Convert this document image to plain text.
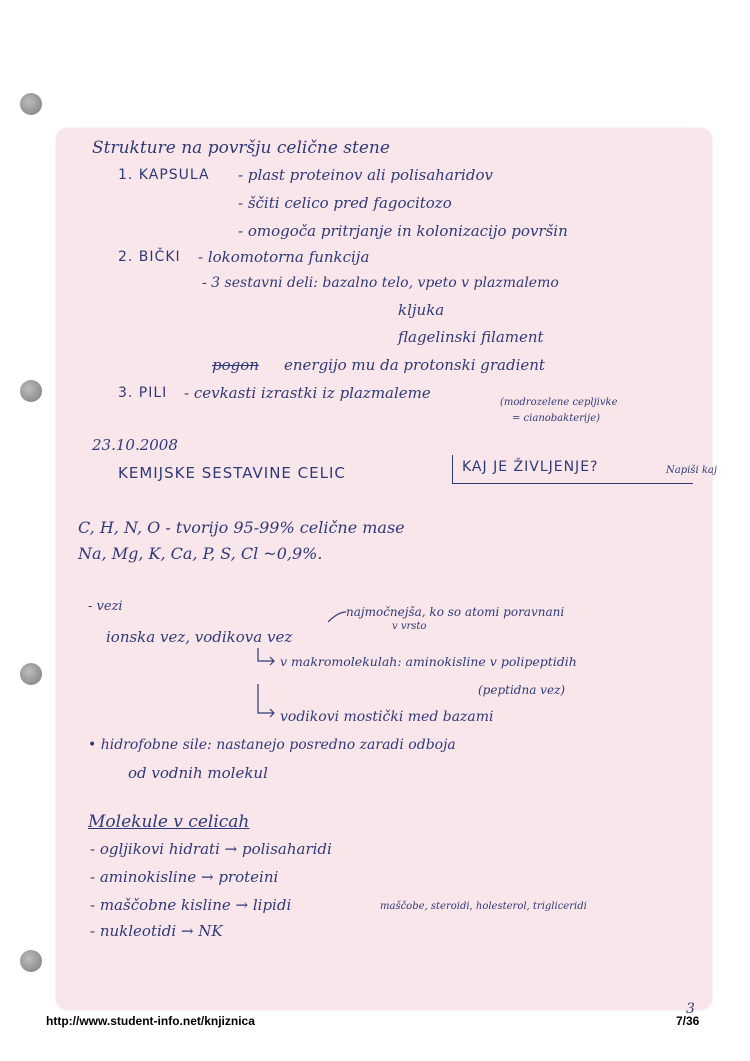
Strukture na površju celične stene
1. KAPSULA - plast proteinov ali polisaharidov
- ščiti celico pred fagocitozo
- omogoča pritrjanje in kolonizacijo površin
2. BIČKI - lokomotorna funkcija
- 3 sestavni deli: bazalno telo, vpeto v plazmalemo
kljuka
flagelinski filament
pogon energijo mu da protonski gradient
3. PILI - cevkasti izrastki iz plazmaleme
(modrozelene cepljivke
= cianobakterije)
23.10.2008
KEMIJSKE SESTAVINE CELIC	KAJ JE ŽIVLJENJE?	Napiši kaj
C, H, N, O - tvorijo 95-99% celične mase
Na, Mg, K, Ca, P, S, Cl ~0,9%.
- vezi	najmočnejša, ko so atomi poravnani
v vrsto
ionska vez, vodikova vez
v makromolekulah: aminokisline v polipeptidih
(peptidna vez)
vodikovi mostički med bazami
• hidrofobne sile: nastanejo posredno zaradi odboja
od vodnih molekul
Molekule v celicah
- ogljikovi hidrati → polisaharidi
- aminokisline → proteini
- maščobne kisline → lipidi	maščobe, steroidi, holesterol, trigliceridi
- nukleotidi → NK
3
http://www.student-info.net/knjiznica	7/36
